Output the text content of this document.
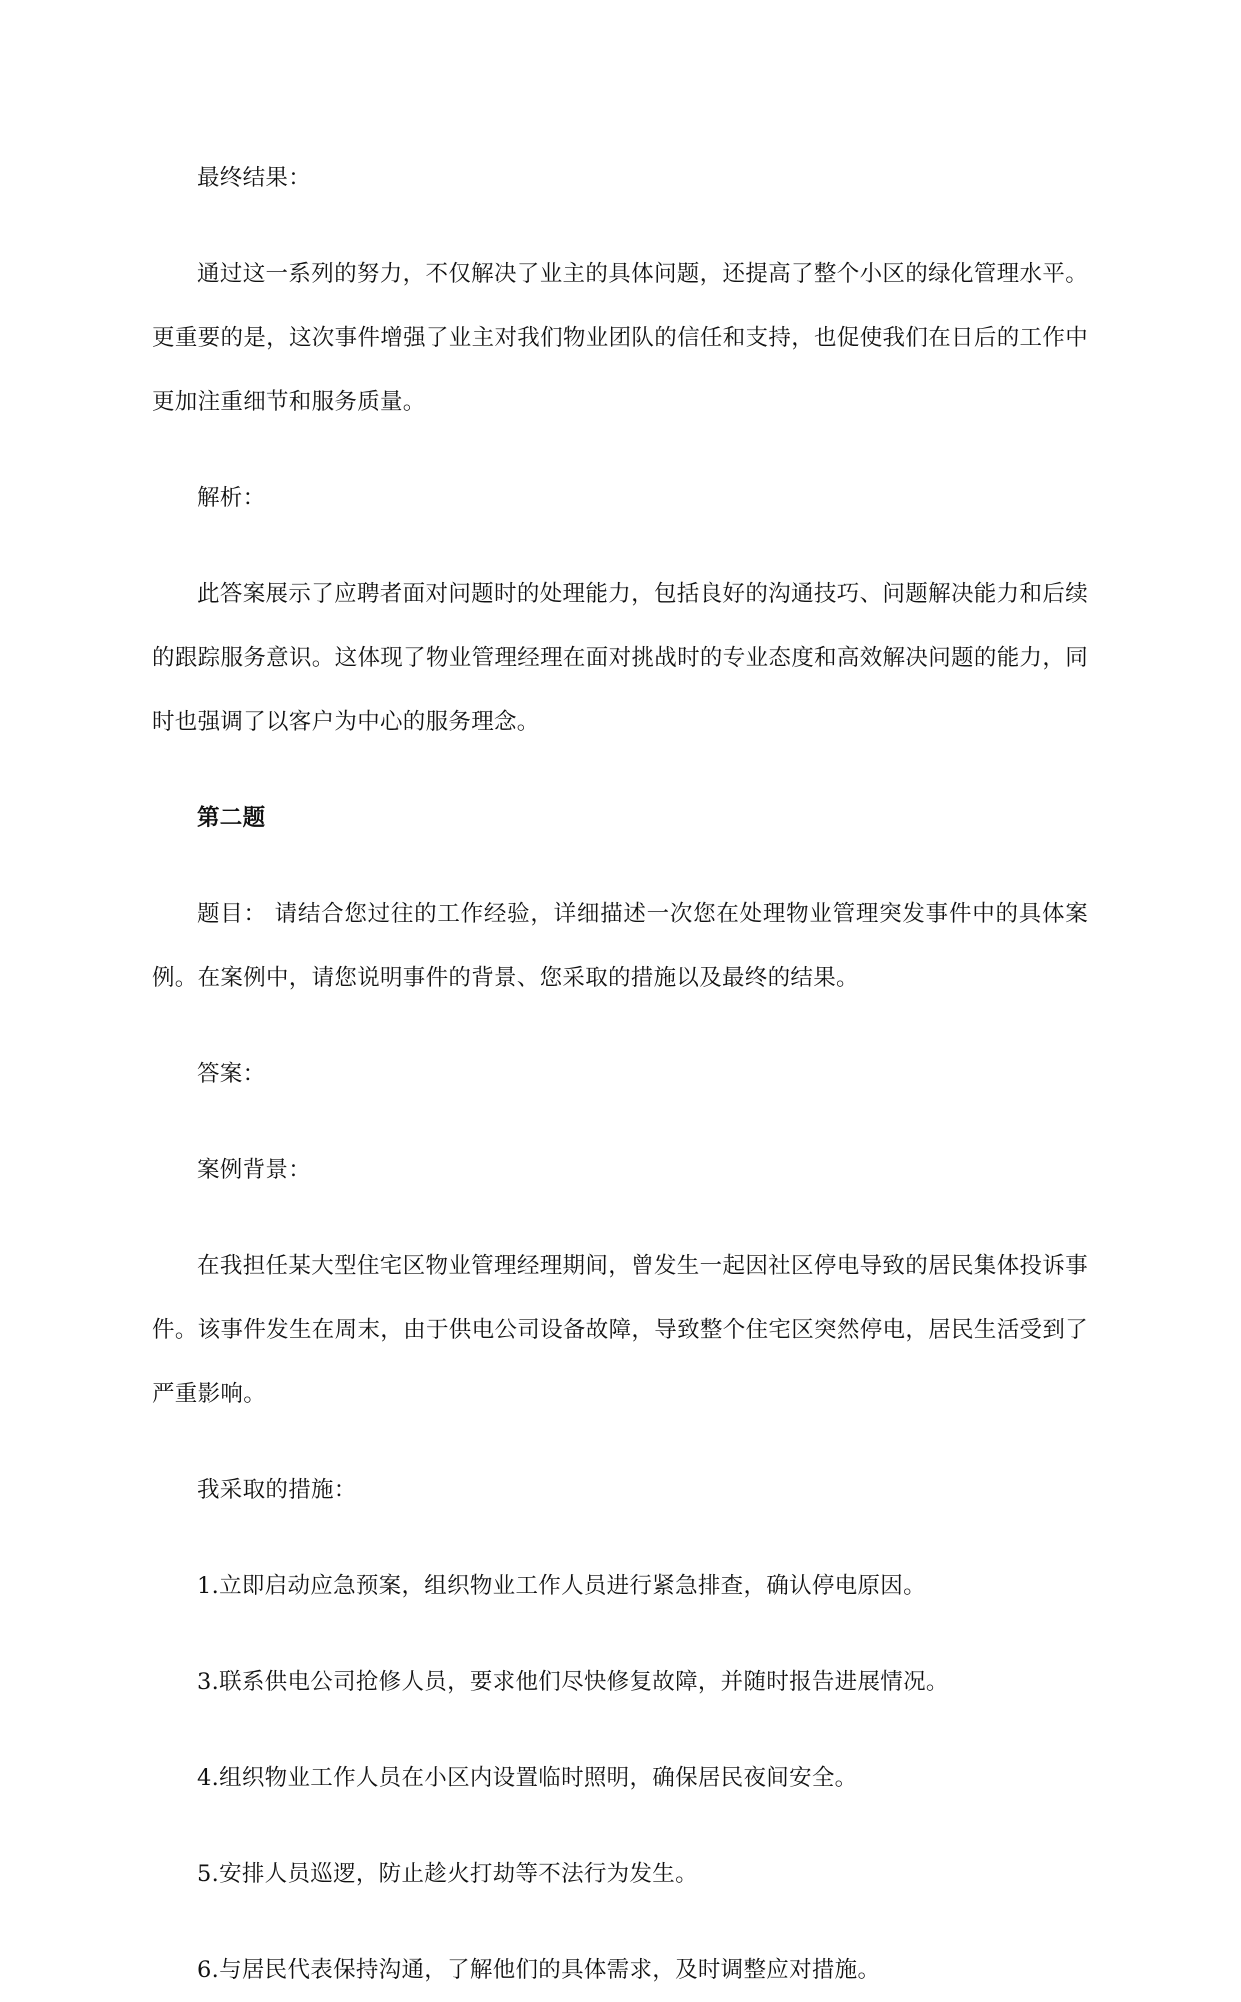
最终结果：

通过这一系列的努力，不仅解决了业主的具体问题，还提高了整个小区的绿化管理水平。更重要的是，这次事件增强了业主对我们物业团队的信任和支持，也促使我们在日后的工作中更加注重细节和服务质量。

解析：

此答案展示了应聘者面对问题时的处理能力，包括良好的沟通技巧、问题解决能力和后续的跟踪服务意识。这体现了物业管理经理在面对挑战时的专业态度和高效解决问题的能力，同时也强调了以客户为中心的服务理念。

第二题

题目： 请结合您过往的工作经验，详细描述一次您在处理物业管理突发事件中的具体案例。在案例中，请您说明事件的背景、您采取的措施以及最终的结果。

答案：

案例背景：

在我担任某大型住宅区物业管理经理期间，曾发生一起因社区停电导致的居民集体投诉事件。该事件发生在周末，由于供电公司设备故障，导致整个住宅区突然停电，居民生活受到了严重影响。

我采取的措施：

1.立即启动应急预案，组织物业工作人员进行紧急排查，确认停电原因。

3.联系供电公司抢修人员，要求他们尽快修复故障，并随时报告进展情况。

4.组织物业工作人员在小区内设置临时照明，确保居民夜间安全。

5.安排人员巡逻，防止趁火打劫等不法行为发生。

6.与居民代表保持沟通，了解他们的具体需求，及时调整应对措施。
